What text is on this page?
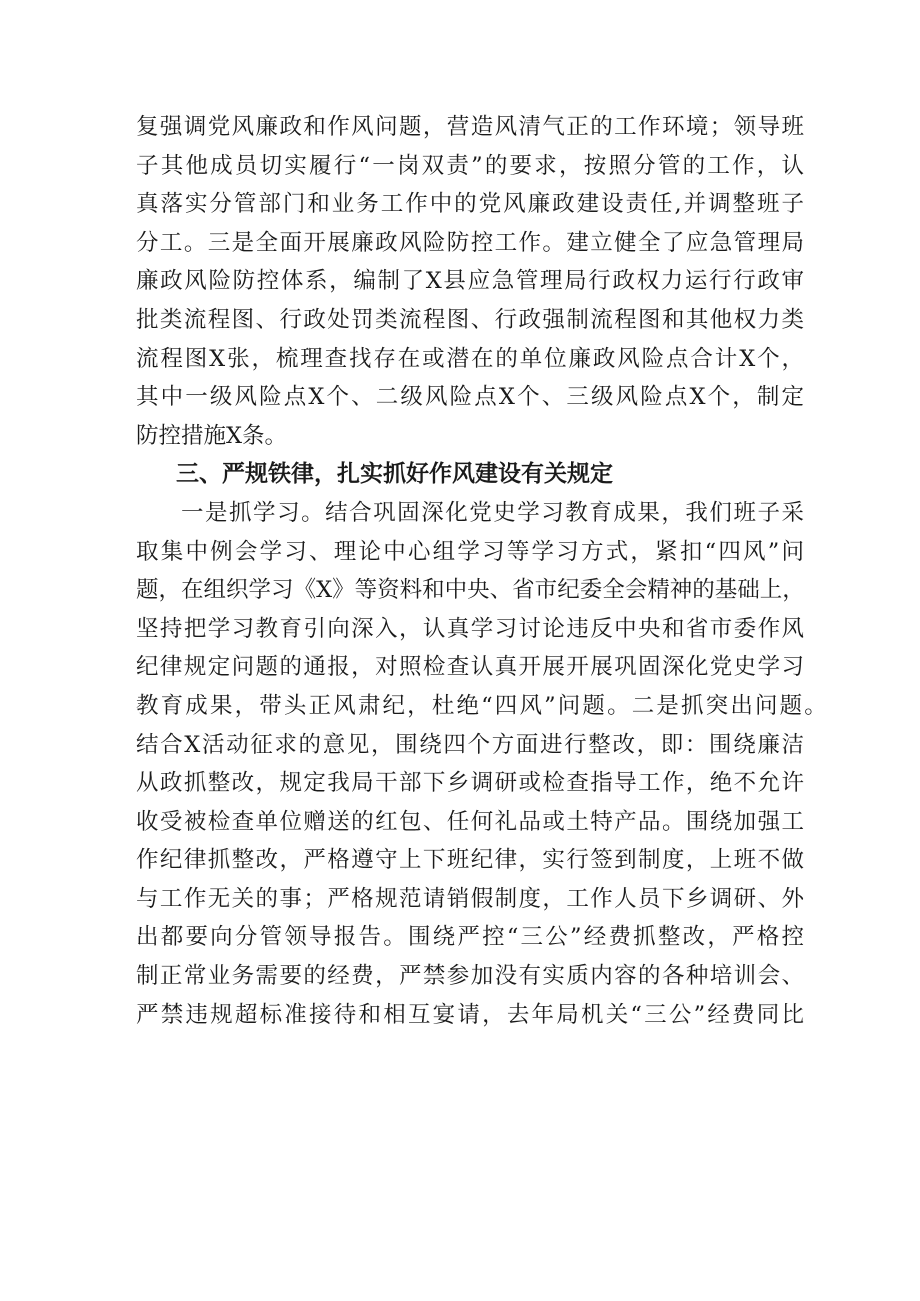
复强调党风廉政和作风问题，营造风清气正的工作环境；领导班
子其他成员切实履行“一岗双责”的要求，按照分管的工作，认
真落实分管部门和业务工作中的党风廉政建设责任,并调整班子
分工。三是全面开展廉政风险防控工作。建立健全了应急管理局
廉政风险防控体系，编制了X县应急管理局行政权力运行行政审
批类流程图、行政处罚类流程图、行政强制流程图和其他权力类
流程图X张，梳理查找存在或潜在的单位廉政风险点合计X个，
其中一级风险点X个、二级风险点X个、三级风险点X个，制定
防控措施X条。
三、严规铁律，扎实抓好作风建设有关规定
一是抓学习。结合巩固深化党史学习教育成果，我们班子采
取集中例会学习、理论中心组学习等学习方式，紧扣“四风”问
题，在组织学习《X》等资料和中央、省市纪委全会精神的基础上，
坚持把学习教育引向深入，认真学习讨论违反中央和省市委作风
纪律规定问题的通报，对照检查认真开展开展巩固深化党史学习
教育成果，带头正风肃纪，杜绝“四风”问题。二是抓突出问题。
结合X活动征求的意见，围绕四个方面进行整改，即：围绕廉洁
从政抓整改，规定我局干部下乡调研或检查指导工作，绝不允许
收受被检查单位赠送的红包、任何礼品或土特产品。围绕加强工
作纪律抓整改，严格遵守上下班纪律，实行签到制度，上班不做
与工作无关的事；严格规范请销假制度，工作人员下乡调研、外
出都要向分管领导报告。围绕严控“三公”经费抓整改，严格控
制正常业务需要的经费，严禁参加没有实质内容的各种培训会、
严禁违规超标准接待和相互宴请，去年局机关“三公”经费同比
